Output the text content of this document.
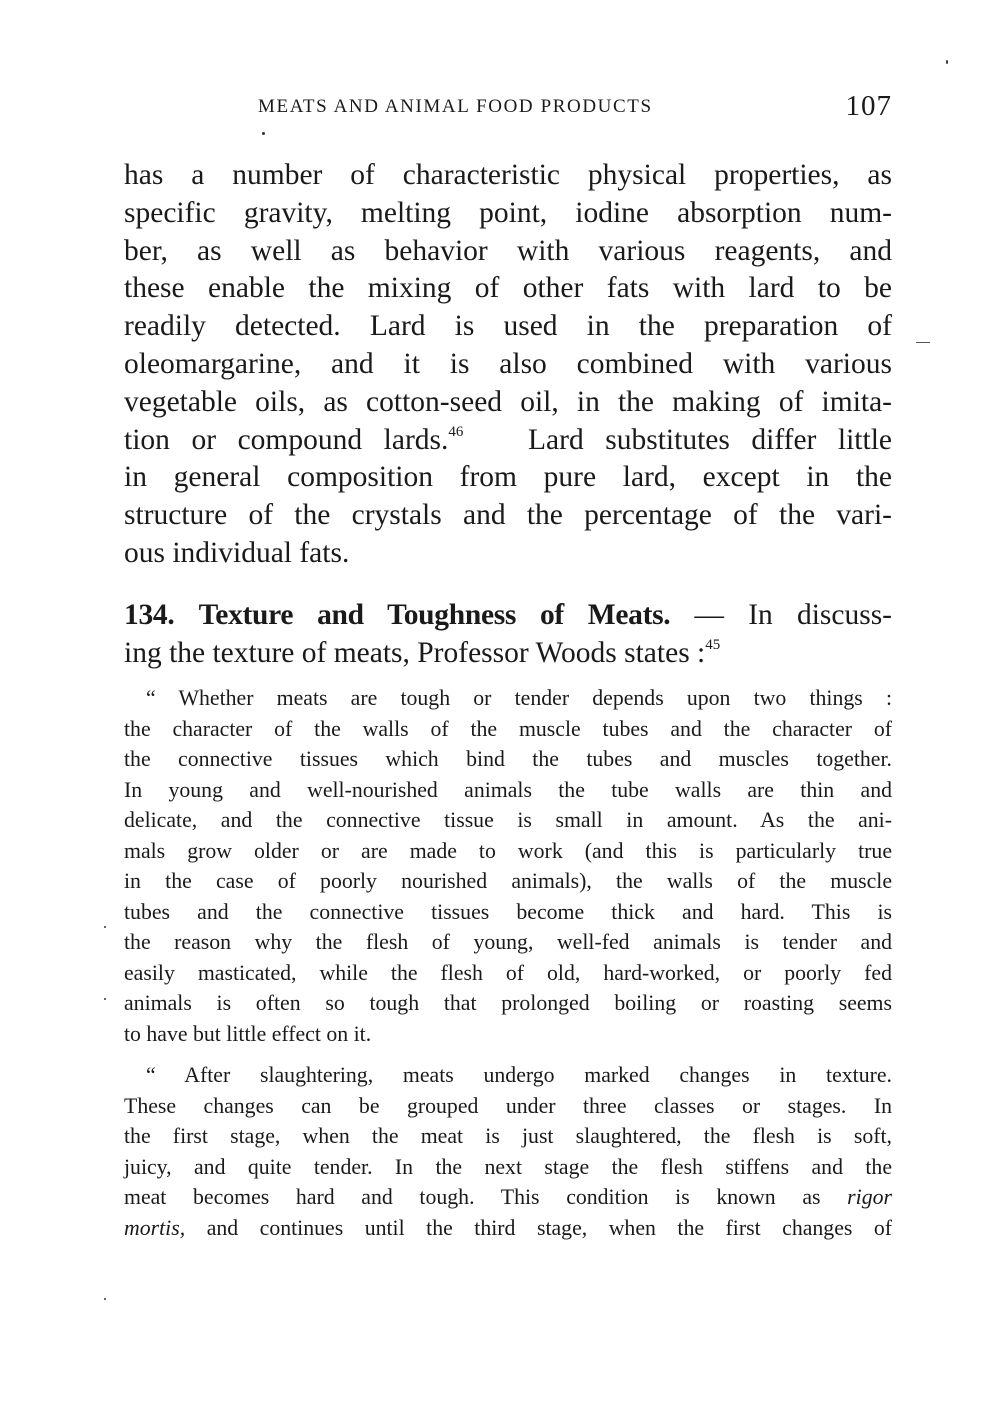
MEATS AND ANIMAL FOOD PRODUCTS	107
has a number of characteristic physical properties, as
specific gravity, melting point, iodine absorption num-
ber, as well as behavior with various reagents, and
these enable the mixing of other fats with lard to be
readily detected. Lard is used in the preparation of
oleomargarine, and it is also combined with various
vegetable oils, as cotton-seed oil, in the making of imita-
tion or compound lards.$^{46}$ Lard substitutes differ little
in general composition from pure lard, except in the
structure of the crystals and the percentage of the vari-
ous individual fats.
134. Texture and Toughness of Meats. — In discuss-
ing the texture of meats, Professor Woods states :$^{45}$
“ Whether meats are tough or tender depends upon two things :
the character of the walls of the muscle tubes and the character of
the connective tissues which bind the tubes and muscles together.
In young and well-nourished animals the tube walls are thin and
delicate, and the connective tissue is small in amount. As the ani-
mals grow older or are made to work (and this is particularly true
in the case of poorly nourished animals), the walls of the muscle
tubes and the connective tissues become thick and hard. This is
the reason why the flesh of young, well-fed animals is tender and
easily masticated, while the flesh of old, hard-worked, or poorly fed
animals is often so tough that prolonged boiling or roasting seems
to have but little effect on it.
“ After slaughtering, meats undergo marked changes in texture.
These changes can be grouped under three classes or stages. In
the first stage, when the meat is just slaughtered, the flesh is soft,
juicy, and quite tender. In the next stage the flesh stiffens and the
meat becomes hard and tough. This condition is known as rigor
mortis, and continues until the third stage, when the first changes of
